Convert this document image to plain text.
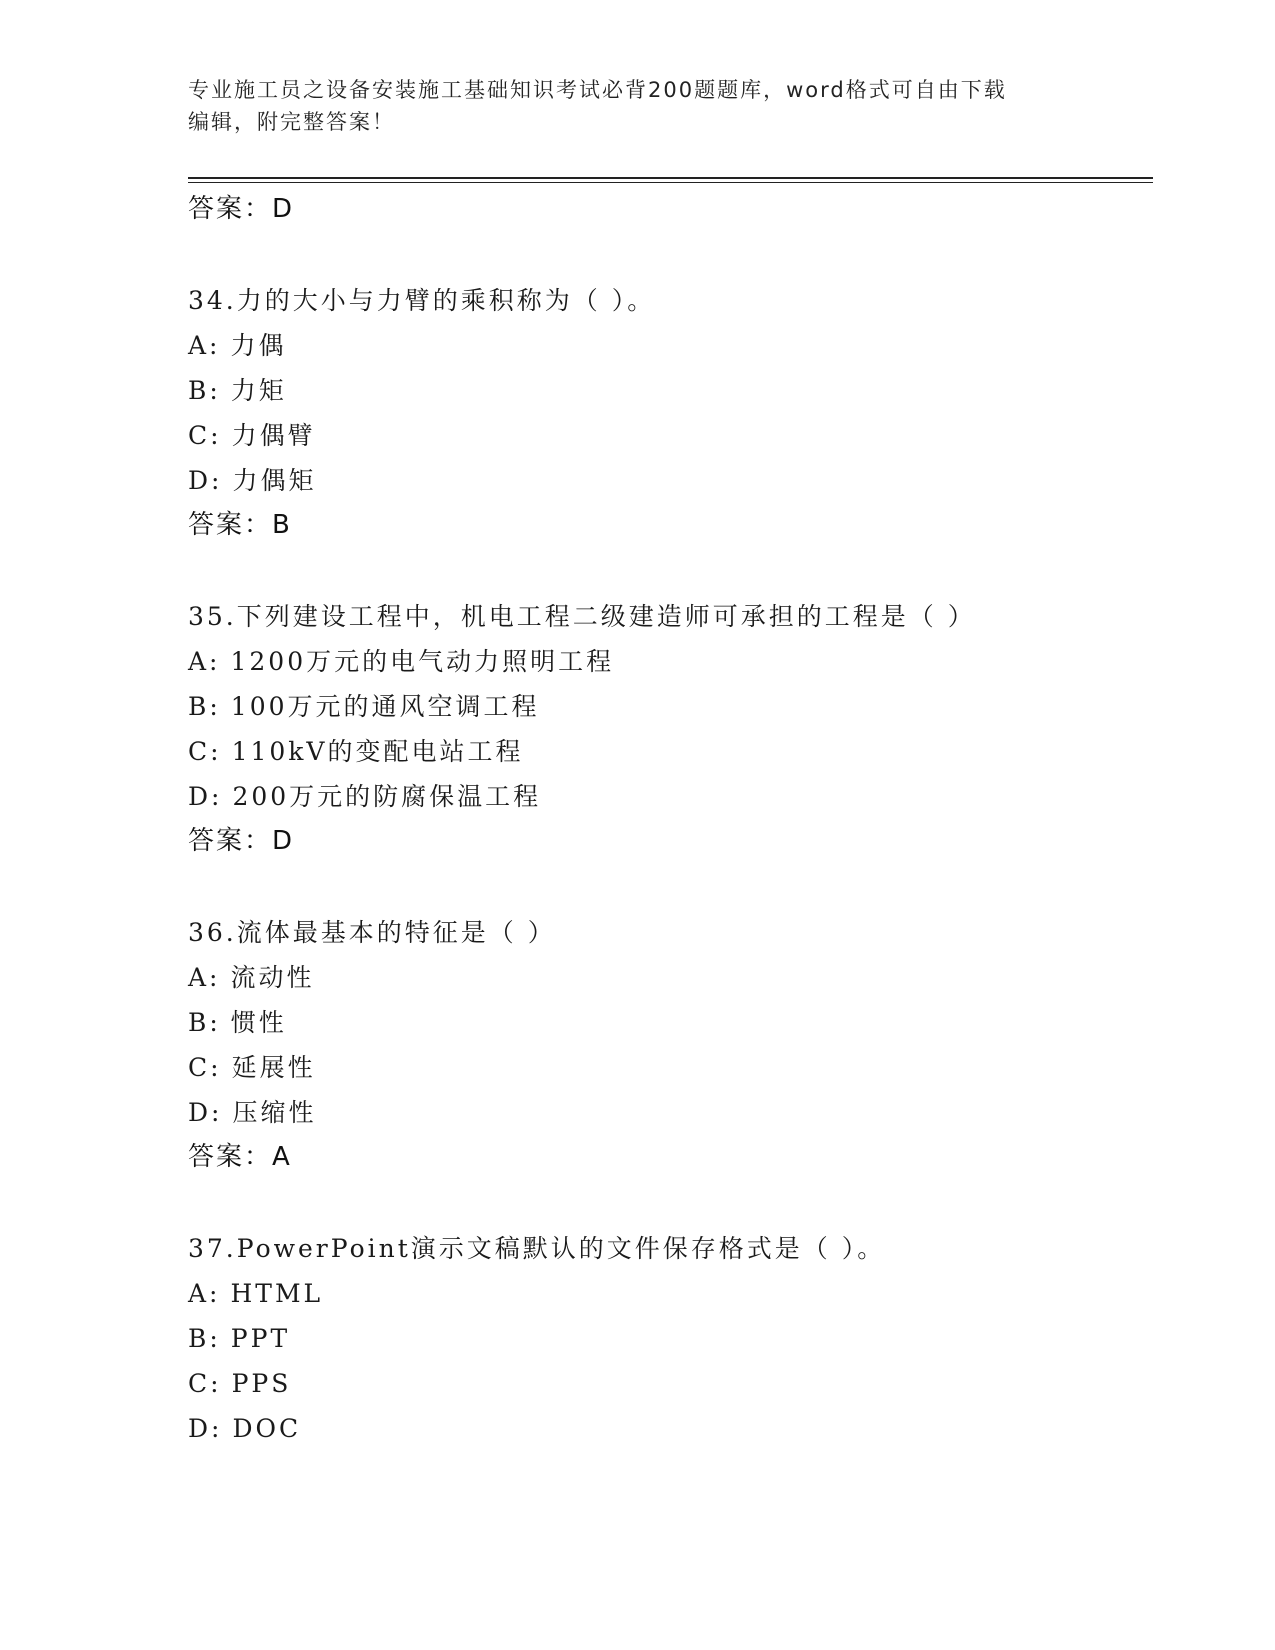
专业施工员之设备安装施工基础知识考试必背200题题库，word格式可自由下载
编辑，附完整答案！
答案：D
34.力的大小与力臂的乘积称为（ ）。
A: 力偶
B: 力矩
C: 力偶臂
D: 力偶矩
答案：B
35.下列建设工程中，机电工程二级建造师可承担的工程是（ ）
A: 1200万元的电气动力照明工程
B: 100万元的通风空调工程
C: 110kV的变配电站工程
D: 200万元的防腐保温工程
答案：D
36.流体最基本的特征是（ ）
A: 流动性
B: 惯性
C: 延展性
D: 压缩性
答案：A
37.PowerPoint演示文稿默认的文件保存格式是（ ）。
A: HTML
B: PPT
C: PPS
D: DOC
